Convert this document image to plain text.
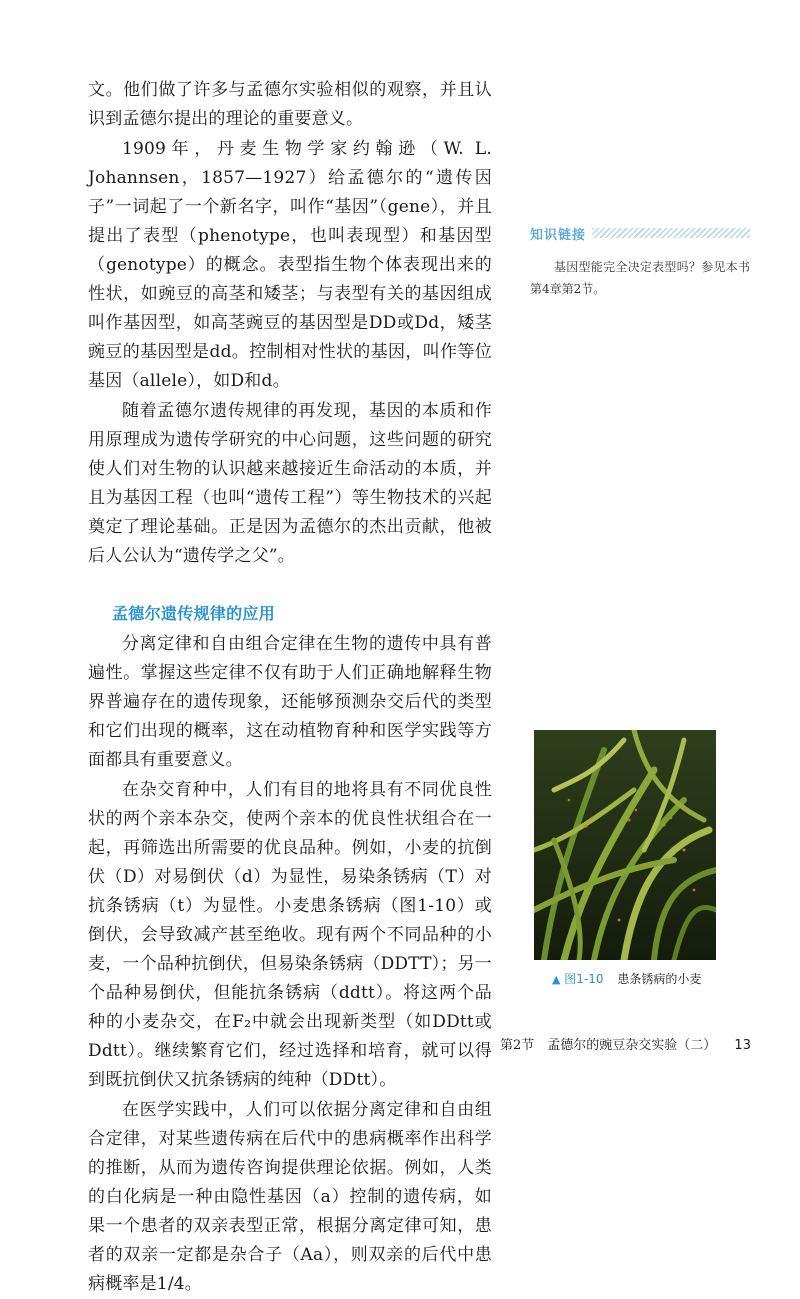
文。他们做了许多与孟德尔实验相似的观察，并且认识到孟德尔提出的理论的重要意义。

1909年，丹麦生物学家约翰逊（W. L. Johannsen，1857—1927）给孟德尔的“遗传因子”一词起了一个新名字，叫作“基因”（gene），并且提出了表型（phenotype，也叫表现型）和基因型（genotype）的概念。表型指生物个体表现出来的性状，如豌豆的高茎和矮茎；与表型有关的基因组成叫作基因型，如高茎豌豆的基因型是DD或Dd，矮茎豌豆的基因型是dd。控制相对性状的基因，叫作等位基因（allele），如D和d。

随着孟德尔遗传规律的再发现，基因的本质和作用原理成为遗传学研究的中心问题，这些问题的研究使人们对生物的认识越来越接近生命活动的本质，并且为基因工程（也叫“遗传工程”）等生物技术的兴起奠定了理论基础。正是因为孟德尔的杰出贡献，他被后人公认为“遗传学之父”。

孟德尔遗传规律的应用

分离定律和自由组合定律在生物的遗传中具有普遍性。掌握这些定律不仅有助于人们正确地解释生物界普遍存在的遗传现象，还能够预测杂交后代的类型和它们出现的概率，这在动植物育种和医学实践等方面都具有重要意义。

在杂交育种中，人们有目的地将具有不同优良性状的两个亲本杂交，使两个亲本的优良性状组合在一起，再筛选出所需要的优良品种。例如，小麦的抗倒伏（D）对易倒伏（d）为显性，易染条锈病（T）对抗条锈病（t）为显性。小麦患条锈病（图1-10）或倒伏，会导致减产甚至绝收。现有两个不同品种的小麦，一个品种抗倒伏，但易染条锈病（DDTT）；另一个品种易倒伏，但能抗条锈病（ddtt）。将这两个品种的小麦杂交，在F₂中就会出现新类型（如DDtt或Ddtt）。继续繁育它们，经过选择和培育，就可以得到既抗倒伏又抗条锈病的纯种（DDtt）。

在医学实践中，人们可以依据分离定律和自由组合定律，对某些遗传病在后代中的患病概率作出科学的推断，从而为遗传咨询提供理论依据。例如，人类的白化病是一种由隐性基因（a）控制的遗传病，如果一个患者的双亲表型正常，根据分离定律可知，患者的双亲一定都是杂合子（Aa），则双亲的后代中患病概率是1/4。

知识链接
基因型能完全决定表型吗？参见本书第4章第2节。
▲ 图1-10 患条锈病的小麦
第2节　孟德尔的豌豆杂交实验（二） 13
